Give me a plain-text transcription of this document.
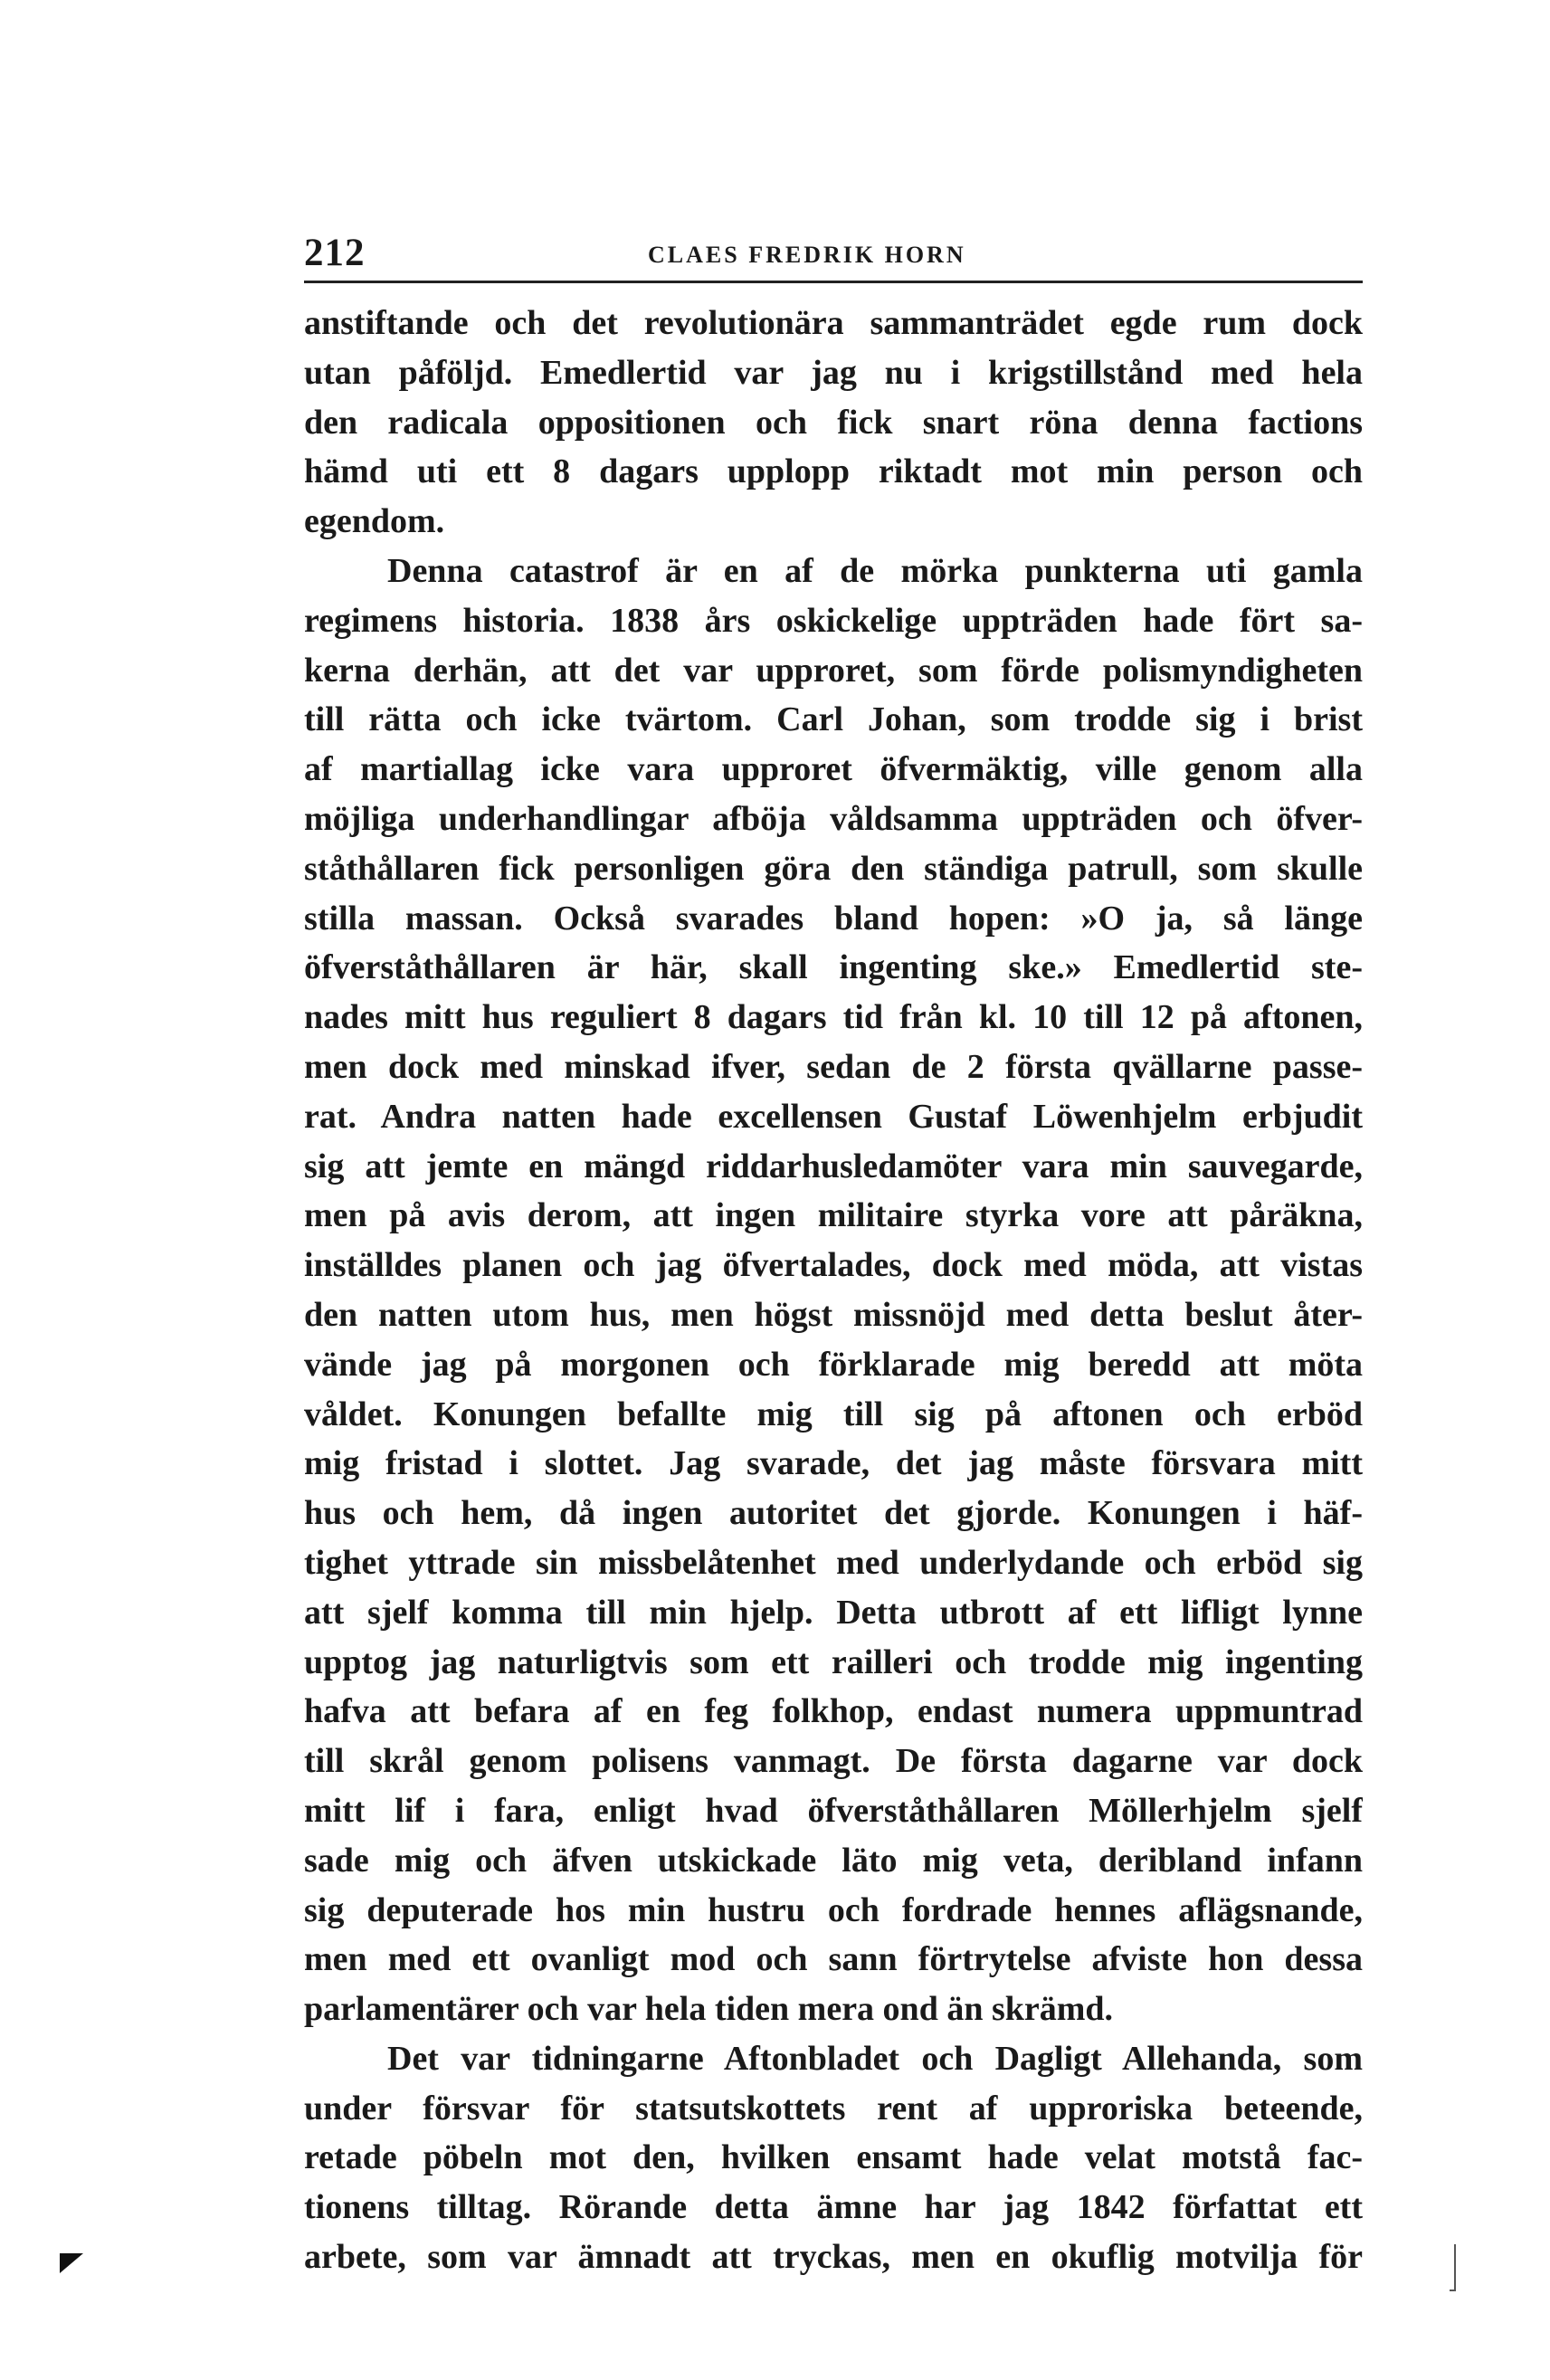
212	CLAES FREDRIK HORN
anstiftande och det revolutionära sammanträdet egde rum dock
utan påföljd. Emedlertid var jag nu i krigstillstånd med hela
den radicala oppositionen och fick snart röna denna factions
hämd uti ett 8 dagars upplopp riktadt mot min person och
egendom.
Denna catastrof är en af de mörka punkterna uti gamla
regimens historia. 1838 års oskickelige uppträden hade fört sa-
kerna derhän, att det var upproret, som förde polismyndigheten
till rätta och icke tvärtom. Carl Johan, som trodde sig i brist
af martiallag icke vara upproret öfvermäktig, ville genom alla
möjliga underhandlingar afböja våldsamma uppträden och öfver-
ståthållaren fick personligen göra den ständiga patrull, som skulle
stilla massan. Också svarades bland hopen: »O ja, så länge
öfverståthållaren är här, skall ingenting ske.» Emedlertid ste-
nades mitt hus reguliert 8 dagars tid från kl. 10 till 12 på aftonen,
men dock med minskad ifver, sedan de 2 första qvällarne passe-
rat. Andra natten hade excellensen Gustaf Löwenhjelm erbjudit
sig att jemte en mängd riddarhusledamöter vara min sauvegarde,
men på avis derom, att ingen militaire styrka vore att påräkna,
inställdes planen och jag öfvertalades, dock med möda, att vistas
den natten utom hus, men högst missnöjd med detta beslut åter-
vände jag på morgonen och förklarade mig beredd att möta
våldet. Konungen befallte mig till sig på aftonen och erböd
mig fristad i slottet. Jag svarade, det jag måste försvara mitt
hus och hem, då ingen autoritet det gjorde. Konungen i häf-
tighet yttrade sin missbelåtenhet med underlydande och erböd sig
att sjelf komma till min hjelp. Detta utbrott af ett lifligt lynne
upptog jag naturligtvis som ett railleri och trodde mig ingenting
hafva att befara af en feg folkhop, endast numera uppmuntrad
till skrål genom polisens vanmagt. De första dagarne var dock
mitt lif i fara, enligt hvad öfverståthållaren Möllerhjelm sjelf
sade mig och äfven utskickade läto mig veta, deribland infann
sig deputerade hos min hustru och fordrade hennes aflägsnande,
men med ett ovanligt mod och sann förtrytelse afviste hon dessa
parlamentärer och var hela tiden mera ond än skrämd.
Det var tidningarne Aftonbladet och Dagligt Allehanda, som
under försvar för statsutskottets rent af upproriska beteende,
retade pöbeln mot den, hvilken ensamt hade velat motstå fac-
tionens tilltag. Rörande detta ämne har jag 1842 författat ett
arbete, som var ämnadt att tryckas, men en okuflig motvilja för
